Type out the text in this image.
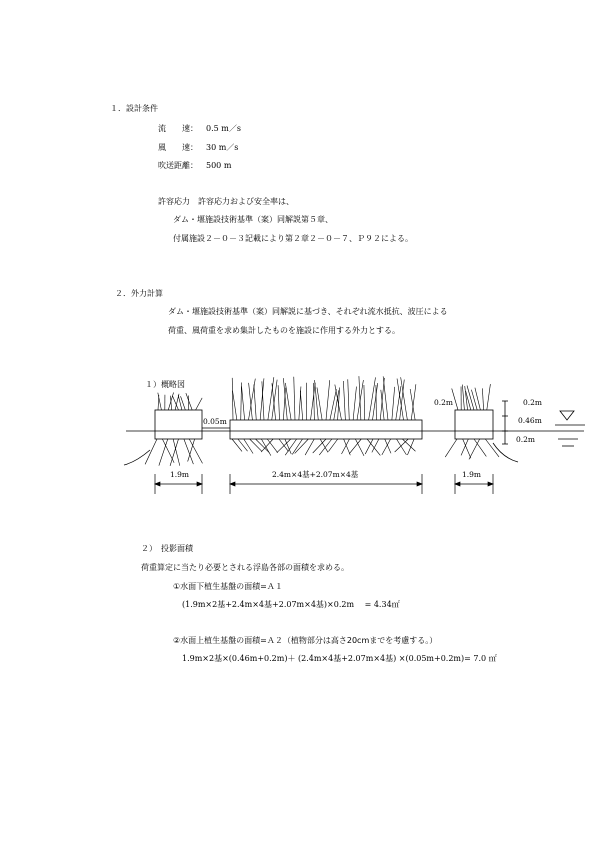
１．設計条件
流　　速： 0.5 m／s
風　　速： 30 m／s
吹送距離： 500 m
許容応力　許容応力および安全率は、
ダム・堰施設技術基準（案）同解説第５章、
付属施設２－０－３記載により第２章２－０－７、Ｐ９２による。
２．外力計算
ダム・堰施設技術基準（案）同解説に基づき、それぞれ流水抵抗、波圧による
荷重、風荷重を求め集計したものを施設に作用する外力とする。
１）概略図
0.05m
0.2m	0.2m
0.46m
0.2m
1.9m	2.4m×4基+2.07m×4基	1.9m
２）　投影面積
荷重算定に当たり必要とされる浮島各部の面積を求める。
①水面下植生基盤の面積=Ａ１
(1.9m×2基+2.4m×4基+2.07m×4基)×0.2m　 = 4.34㎡
②水面上植生基盤の面積=Ａ２（植物部分は高さ20cmまでを考慮する。）
1.9m×2基×(0.46m+0.2m)＋ (2.4m×4基+2.07m×4基) ×(0.05m+0.2m)= 7.0 ㎡
